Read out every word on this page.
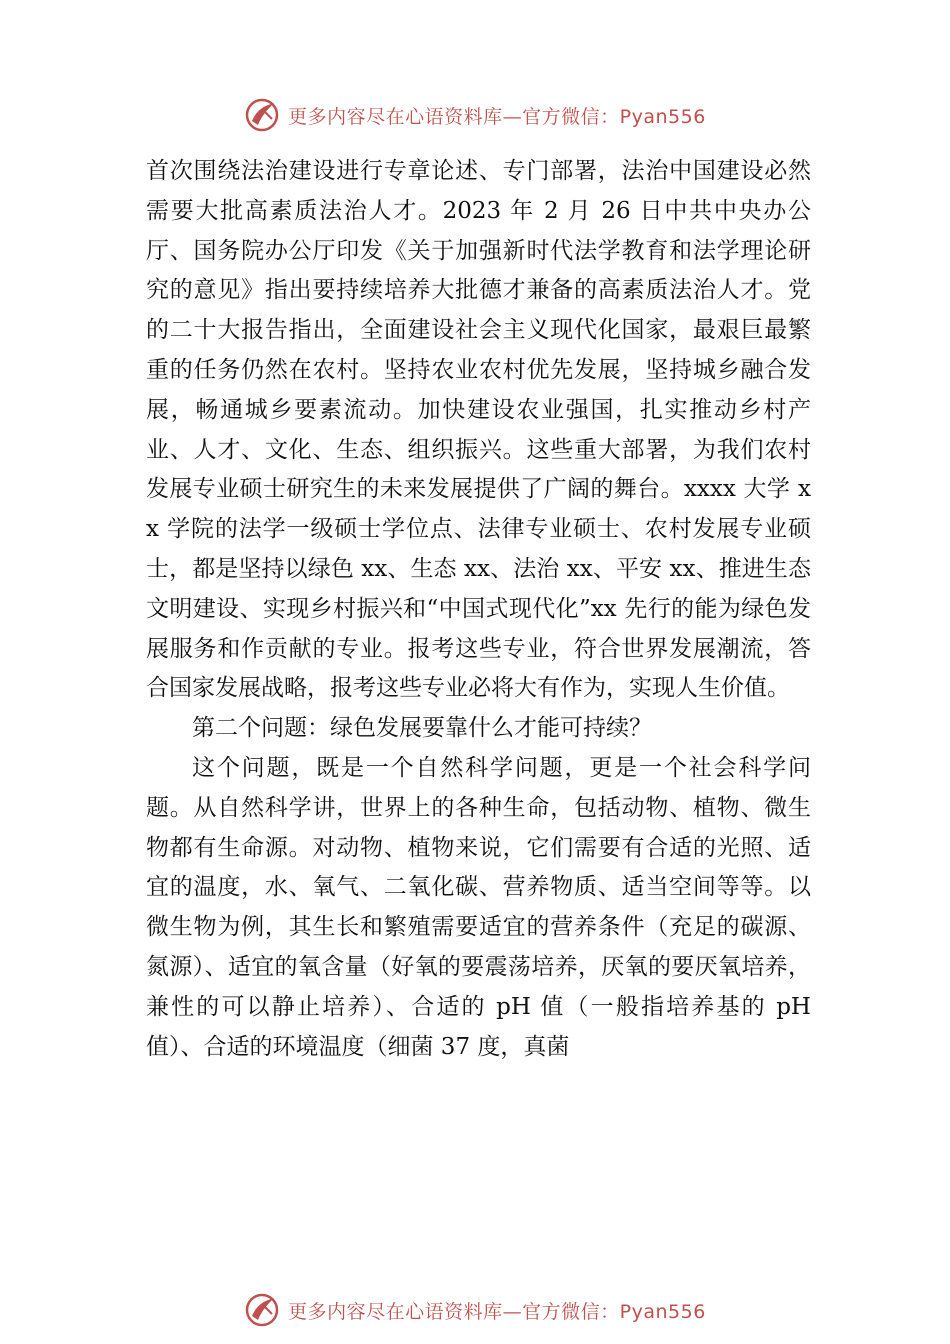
更多内容尽在心语资料库—官方微信：Pyan556

首次围绕法治建设进行专章论述、专门部署，法治中国建设必然需要大批高素质法治人才。2023 年 2 月 26 日中共中央办公厅、国务院办公厅印发《关于加强新时代法学教育和法学理论研究的意见》指出要持续培养大批德才兼备的高素质法治人才。党的二十大报告指出，全面建设社会主义现代化国家，最艰巨最繁重的任务仍然在农村。坚持农业农村优先发展，坚持城乡融合发展，畅通城乡要素流动。加快建设农业强国，扎实推动乡村产业、人才、文化、生态、组织振兴。这些重大部署，为我们农村发展专业硕士研究生的未来发展提供了广阔的舞台。xxxx 大学 xx 学院的法学一级硕士学位点、法律专业硕士、农村发展专业硕士，都是坚持以绿色 xx、生态 xx、法治 xx、平安 xx、推进生态文明建设、实现乡村振兴和“中国式现代化”xx 先行的能为绿色发展服务和作贡献的专业。报考这些专业，符合世界发展潮流，答合国家发展战略，报考这些专业必将大有作为，实现人生价值。

第二个问题：绿色发展要靠什么才能可持续？

这个问题，既是一个自然科学问题，更是一个社会科学问题。从自然科学讲，世界上的各种生命，包括动物、植物、微生物都有生命源。对动物、植物来说，它们需要有合适的光照、适宜的温度，水、氧气、二氧化碳、营养物质、适当空间等等。以微生物为例，其生长和繁殖需要适宜的营养条件（充足的碳源、氮源）、适宜的氧含量（好氧的要震荡培养，厌氧的要厌氧培养，兼性的可以静止培养）、合适的 pH 值（一般指培养基的 pH 值）、合适的环境温度（细菌 37 度，真菌

更多内容尽在心语资料库—官方微信：Pyan556
